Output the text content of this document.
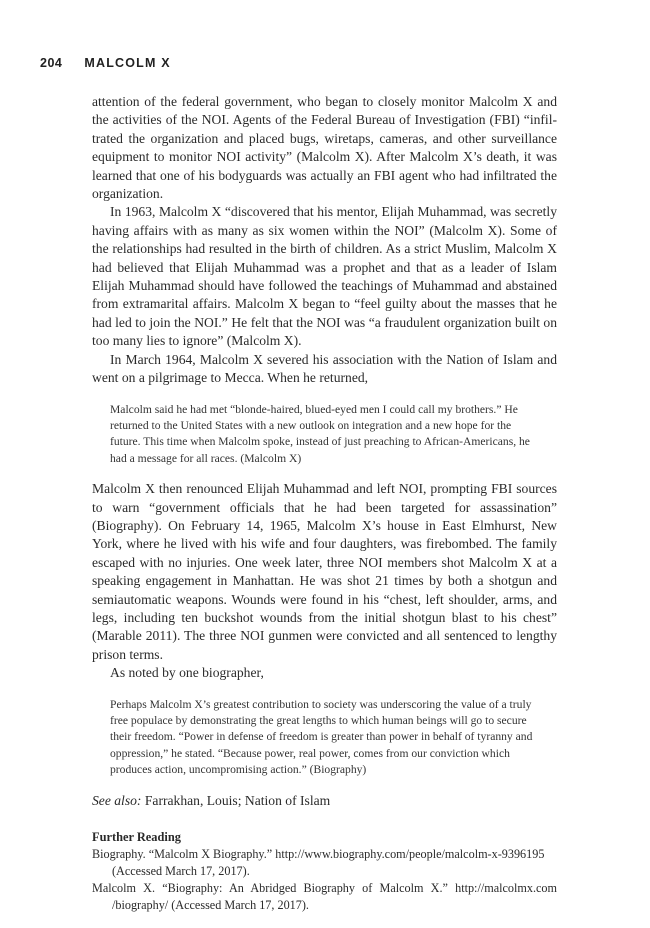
204 MALCOLM X

attention of the federal government, who began to closely monitor Malcolm X and the activities of the NOI. Agents of the Federal Bureau of Investigation (FBI) “infil-trated the organization and placed bugs, wiretaps, cameras, and other surveillance equipment to monitor NOI activity” (Malcolm X). After Malcolm X’s death, it was learned that one of his bodyguards was actually an FBI agent who had infiltrated the organization.

In 1963, Malcolm X “discovered that his mentor, Elijah Muhammad, was secretly having affairs with as many as six women within the NOI” (Malcolm X). Some of the relationships had resulted in the birth of children. As a strict Muslim, Malcolm X had believed that Elijah Muhammad was a prophet and that as a leader of Islam Elijah Muhammad should have followed the teachings of Muhammad and abstained from extramarital affairs. Malcolm X began to “feel guilty about the masses that he had led to join the NOI.” He felt that the NOI was “a fraudulent organization built on too many lies to ignore” (Malcolm X).

In March 1964, Malcolm X severed his association with the Nation of Islam and went on a pilgrimage to Mecca. When he returned,

Malcolm said he had met “blonde-haired, blued-eyed men I could call my brothers.” He returned to the United States with a new outlook on integration and a new hope for the future. This time when Malcolm spoke, instead of just preaching to African-Americans, he had a message for all races. (Malcolm X)

Malcolm X then renounced Elijah Muhammad and left NOI, prompting FBI sources to warn “government officials that he had been targeted for assassination” (Biography). On February 14, 1965, Malcolm X’s house in East Elmhurst, New York, where he lived with his wife and four daughters, was firebombed. The family escaped with no injuries. One week later, three NOI members shot Malcolm X at a speaking engagement in Manhattan. He was shot 21 times by both a shotgun and semiautomatic weapons. Wounds were found in his “chest, left shoulder, arms, and legs, including ten buckshot wounds from the initial shotgun blast to his chest” (Marable 2011). The three NOI gunmen were convicted and all sentenced to lengthy prison terms.

As noted by one biographer,

Perhaps Malcolm X’s greatest contribution to society was underscoring the value of a truly free populace by demonstrating the great lengths to which human beings will go to secure their freedom. “Power in defense of freedom is greater than power in behalf of tyranny and oppression,” he stated. “Because power, real power, comes from our conviction which produces action, uncompromising action.” (Biography)

See also: Farrakhan, Louis; Nation of Islam
Further Reading

Biography. “Malcolm X Biography.” http://www.biography.com/people/malcolm-x-9396195 (Accessed March 17, 2017).

Malcolm X. “Biography: An Abridged Biography of Malcolm X.” http://malcolmx.com /biography/ (Accessed March 17, 2017).
